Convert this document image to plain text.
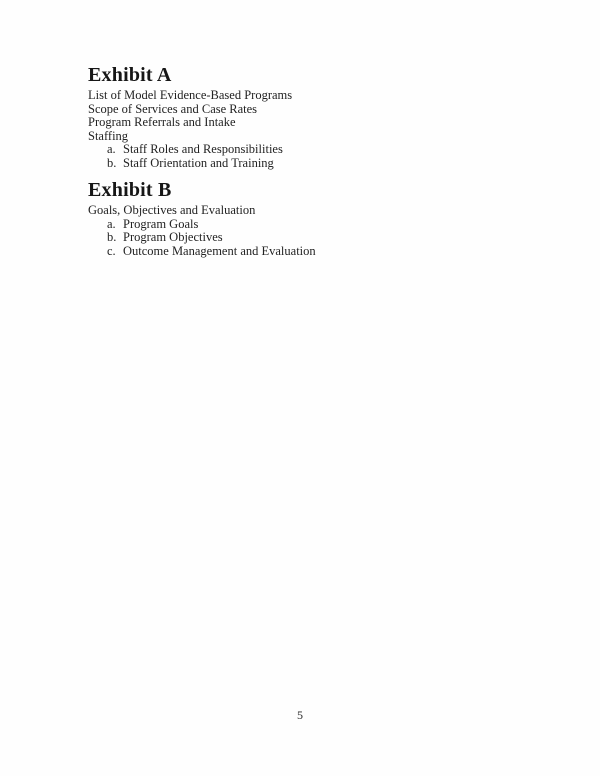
Exhibit A

List of Model Evidence-Based Programs

Scope of Services and Case Rates

Program Referrals and Intake

Staffing

a. Staff Roles and Responsibilities
b. Staff Orientation and Training
Exhibit B

Goals, Objectives and Evaluation

a. Program Goals
b. Program Objectives
c. Outcome Management and Evaluation
5
